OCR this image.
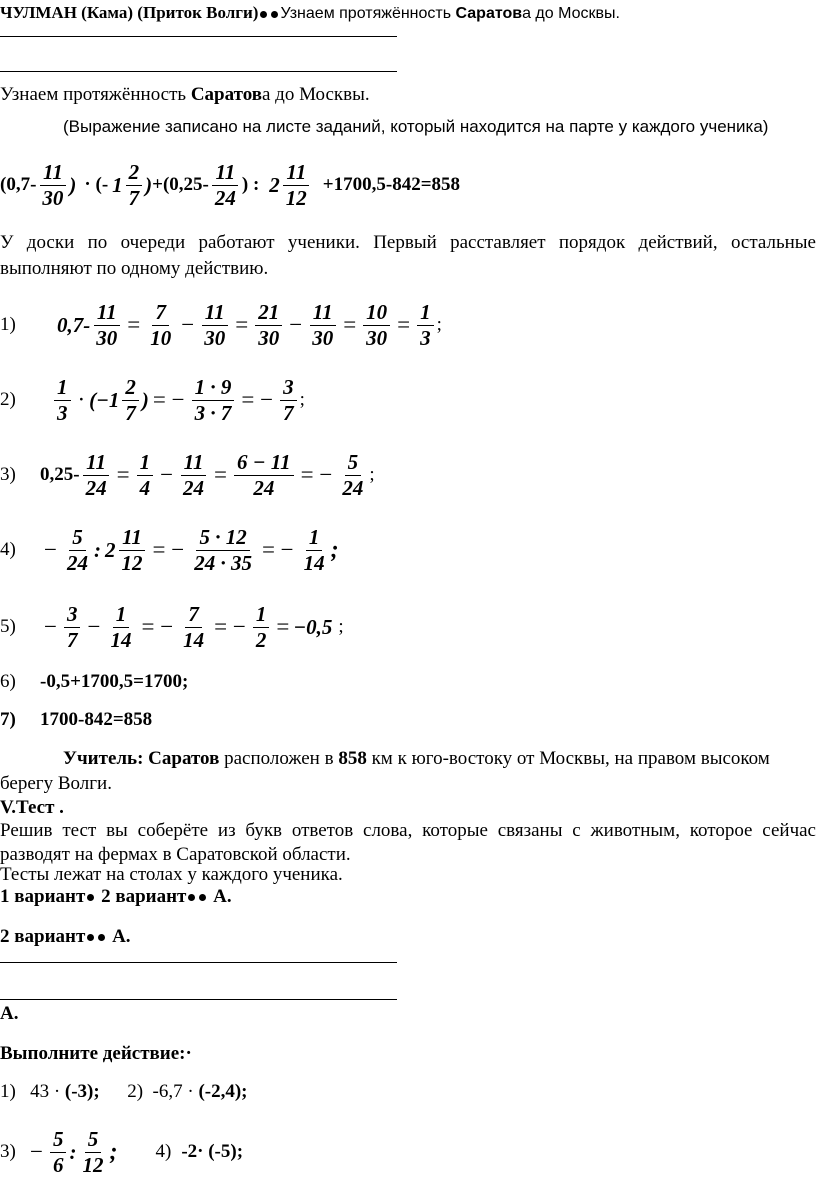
ЧУЛМАН (Кама) (Приток Волги) Узнаем протяжённость Саратова до Москвы.
Узнаем протяжённость Саратова до Москвы.
(Выражение записано на листе заданий, который находится на парте у каждого ученика)
($0,7- \frac{11}{30}$ ) · (- $1 \frac{2}{7}$ ) $+(0,25- \frac{11}{24}$ ) : $2 \frac{11}{12} +1700,5-842=858$
У доски по очереди работают ученики. Первый расставляет порядок действий, остальные выполняют по одному действию.
1)	$0,7- \frac{11}{30} = \frac{7}{10} - \frac{11}{30} = \frac{21}{30} - \frac{11}{30} = \frac{10}{30} = \frac{1}{3}$ ;
2)	$\frac{1}{3}$ · ( $-1 \frac{2}{7}$ ) = − $\frac{1 \cdot 9}{3 \cdot 7}$ = − $\frac{3}{7}$ ;
3)	$0,25- \frac{11}{24} = \frac{1}{4} - \frac{11}{24} = \frac{6 - 11}{24}$ = − $\frac{5}{24}$ ;
4)	− $\frac{5}{24}$ : $2 \frac{11}{12}$ = − $\frac{5 \cdot 12}{24 \cdot 35}$ = − $\frac{1}{14}$ ;
5)	− $\frac{3}{7} - \frac{1}{14}$ = − $\frac{7}{14}$ = − $\frac{1}{2} = -0,5$ ;
6) -0,5+1700,5=1700;
7) 1700-842=858
Учитель: Саратов расположен в 858 км к юго-востоку от Москвы, на правом высоком
берегу Волги.
V.Тест .
Решив тест вы соберёте из букв ответов слова, которые связаны с животным, которое сейчас разводят на фермах в Саратовской области.
Тесты лежат на столах у каждого ученика.
1 вариант 2 вариант А.
2 вариант А.
А.
Выполните действие:·
1) 43 · (-3); 2) -6,7 · (-2,4);
$3) - \frac{5}{6}$ : $\frac{5}{12}$ ; 4) -2· (-5);
